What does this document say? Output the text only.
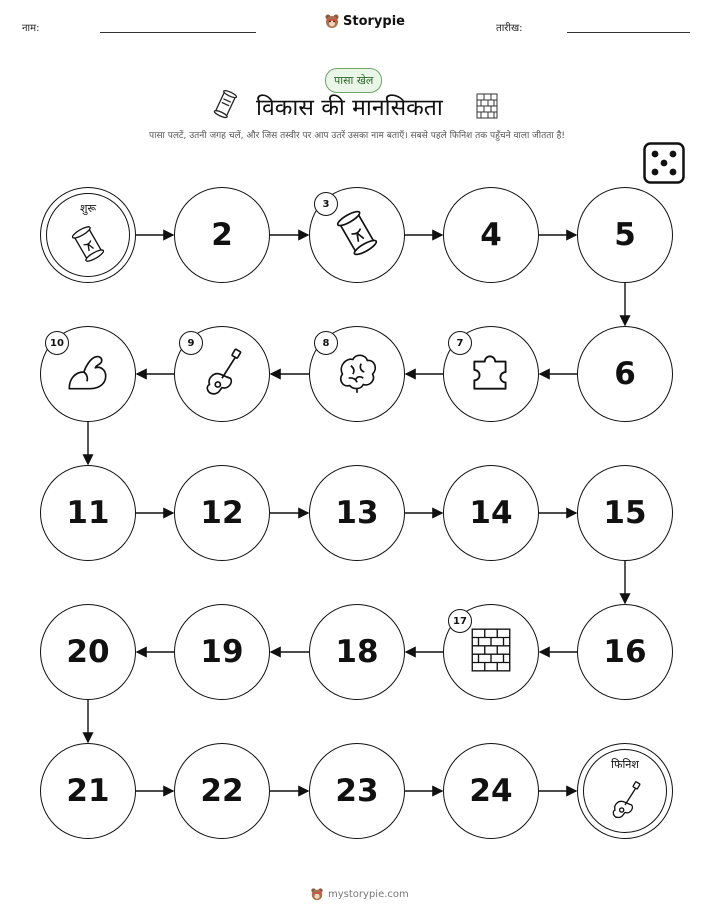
नाम:	Storypie	तारीख:
पासा खेल
विकास की मानसिकता
पासा पलटें, उतनी जगह चलें, और जिस तस्वीर पर आप उतरें उसका नाम बताएँ। सबसे पहले फिनिश तक पहुँचने वाला जीतता है!
शुरू
2
3
4	5
6
7
8
9
10
11	12	13	14	15
16
17
18
19
20
21	22	23	24
फिनिश
mystorypie.com
